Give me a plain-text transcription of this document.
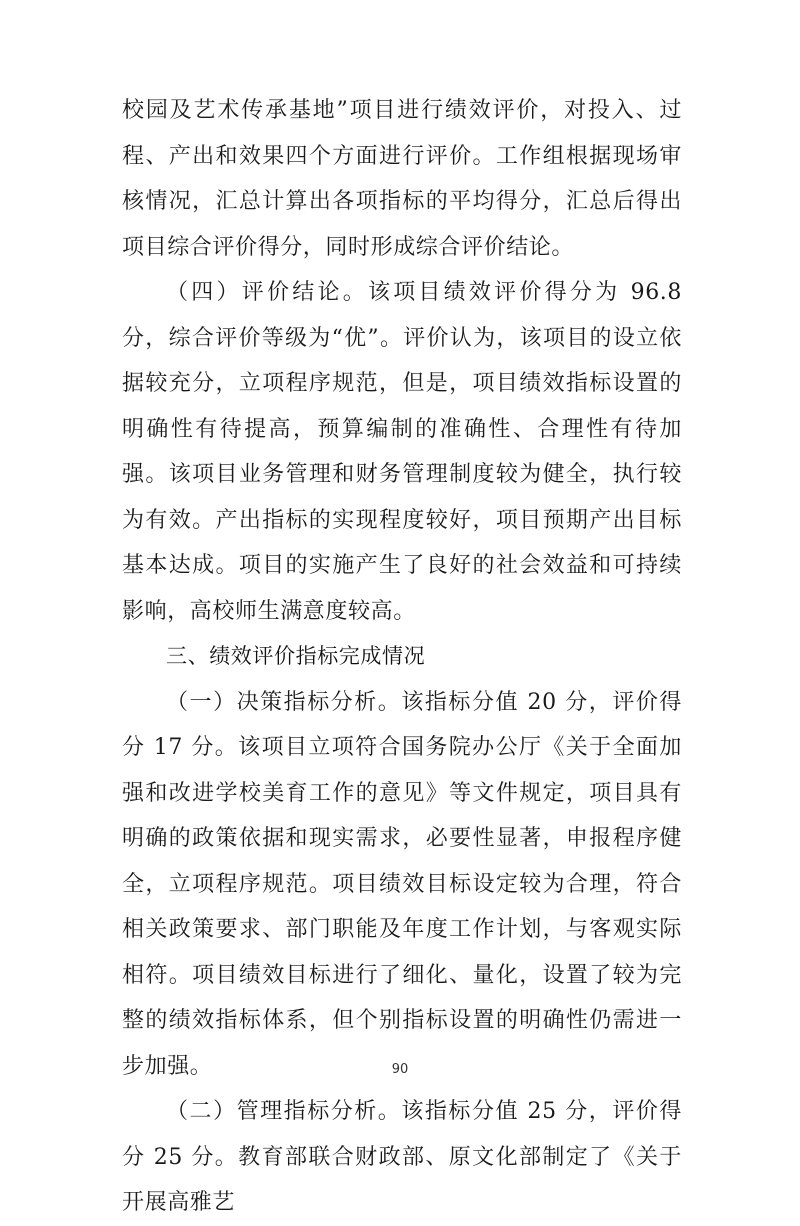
校园及艺术传承基地”项目进行绩效评价，对投入、过程、产出和效果四个方面进行评价。工作组根据现场审核情况，汇总计算出各项指标的平均得分，汇总后得出项目综合评价得分，同时形成综合评价结论。

（四）评价结论。该项目绩效评价得分为 96.8 分，综合评价等级为“优”。评价认为，该项目的设立依据较充分，立项程序规范，但是，项目绩效指标设置的明确性有待提高，预算编制的准确性、合理性有待加强。该项目业务管理和财务管理制度较为健全，执行较为有效。产出指标的实现程度较好，项目预期产出目标基本达成。项目的实施产生了良好的社会效益和可持续影响，高校师生满意度较高。

三、绩效评价指标完成情况

（一）决策指标分析。该指标分值 20 分，评价得分 17 分。该项目立项符合国务院办公厅《关于全面加强和改进学校美育工作的意见》等文件规定，项目具有明确的政策依据和现实需求，必要性显著，申报程序健全，立项程序规范。项目绩效目标设定较为合理，符合相关政策要求、部门职能及年度工作计划，与客观实际相符。项目绩效目标进行了细化、量化，设置了较为完整的绩效指标体系，但个别指标设置的明确性仍需进一步加强。

（二）管理指标分析。该指标分值 25 分，评价得分 25 分。教育部联合财政部、原文化部制定了《关于开展高雅艺

90
